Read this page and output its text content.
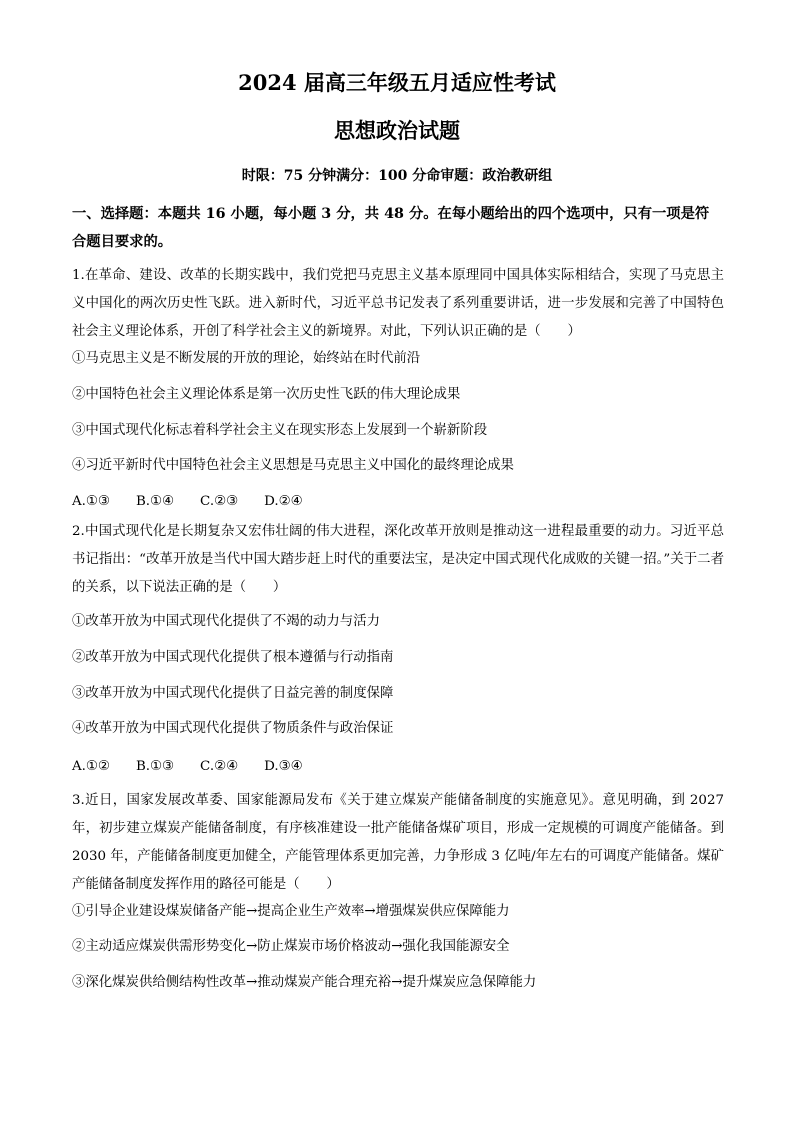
2024 届高三年级五月适应性考试
思想政治试题
时限：75 分钟满分：100 分命审题：政治教研组
一、选择题：本题共 16 小题，每小题 3 分，共 48 分。在每小题给出的四个选项中，只有一项是符合题目要求的。
1.在革命、建设、改革的长期实践中，我们党把马克思主义基本原理同中国具体实际相结合，实现了马克思主义中国化的两次历史性飞跃。进入新时代，习近平总书记发表了系列重要讲话，进一步发展和完善了中国特色社会主义理论体系，开创了科学社会主义的新境界。对此，下列认识正确的是（　　）
①马克思主义是不断发展的开放的理论，始终站在时代前沿
②中国特色社会主义理论体系是第一次历史性飞跃的伟大理论成果
③中国式现代化标志着科学社会主义在现实形态上发展到一个崭新阶段
④习近平新时代中国特色社会主义思想是马克思主义中国化的最终理论成果
A.①③ B.①④ C.②③ D.②④
2.中国式现代化是长期复杂又宏伟壮阔的伟大进程，深化改革开放则是推动这一进程最重要的动力。习近平总书记指出：“改革开放是当代中国大踏步赶上时代的重要法宝，是决定中国式现代化成败的关键一招。”关于二者的关系，以下说法正确的是（　　）
①改革开放为中国式现代化提供了不竭的动力与活力
②改革开放为中国式现代化提供了根本遵循与行动指南
③改革开放为中国式现代化提供了日益完善的制度保障
④改革开放为中国式现代化提供了物质条件与政治保证
A.①② B.①③ C.②④ D.③④
3.近日，国家发展改革委、国家能源局发布《关于建立煤炭产能储备制度的实施意见》。意见明确，到 2027 年，初步建立煤炭产能储备制度，有序核准建设一批产能储备煤矿项目，形成一定规模的可调度产能储备。到 2030 年，产能储备制度更加健全，产能管理体系更加完善，力争形成 3 亿吨/年左右的可调度产能储备。煤矿产能储备制度发挥作用的路径可能是（　　）
①引导企业建设煤炭储备产能→提高企业生产效率→增强煤炭供应保障能力
②主动适应煤炭供需形势变化→防止煤炭市场价格波动→强化我国能源安全
③深化煤炭供给侧结构性改革→推动煤炭产能合理充裕→提升煤炭应急保障能力
